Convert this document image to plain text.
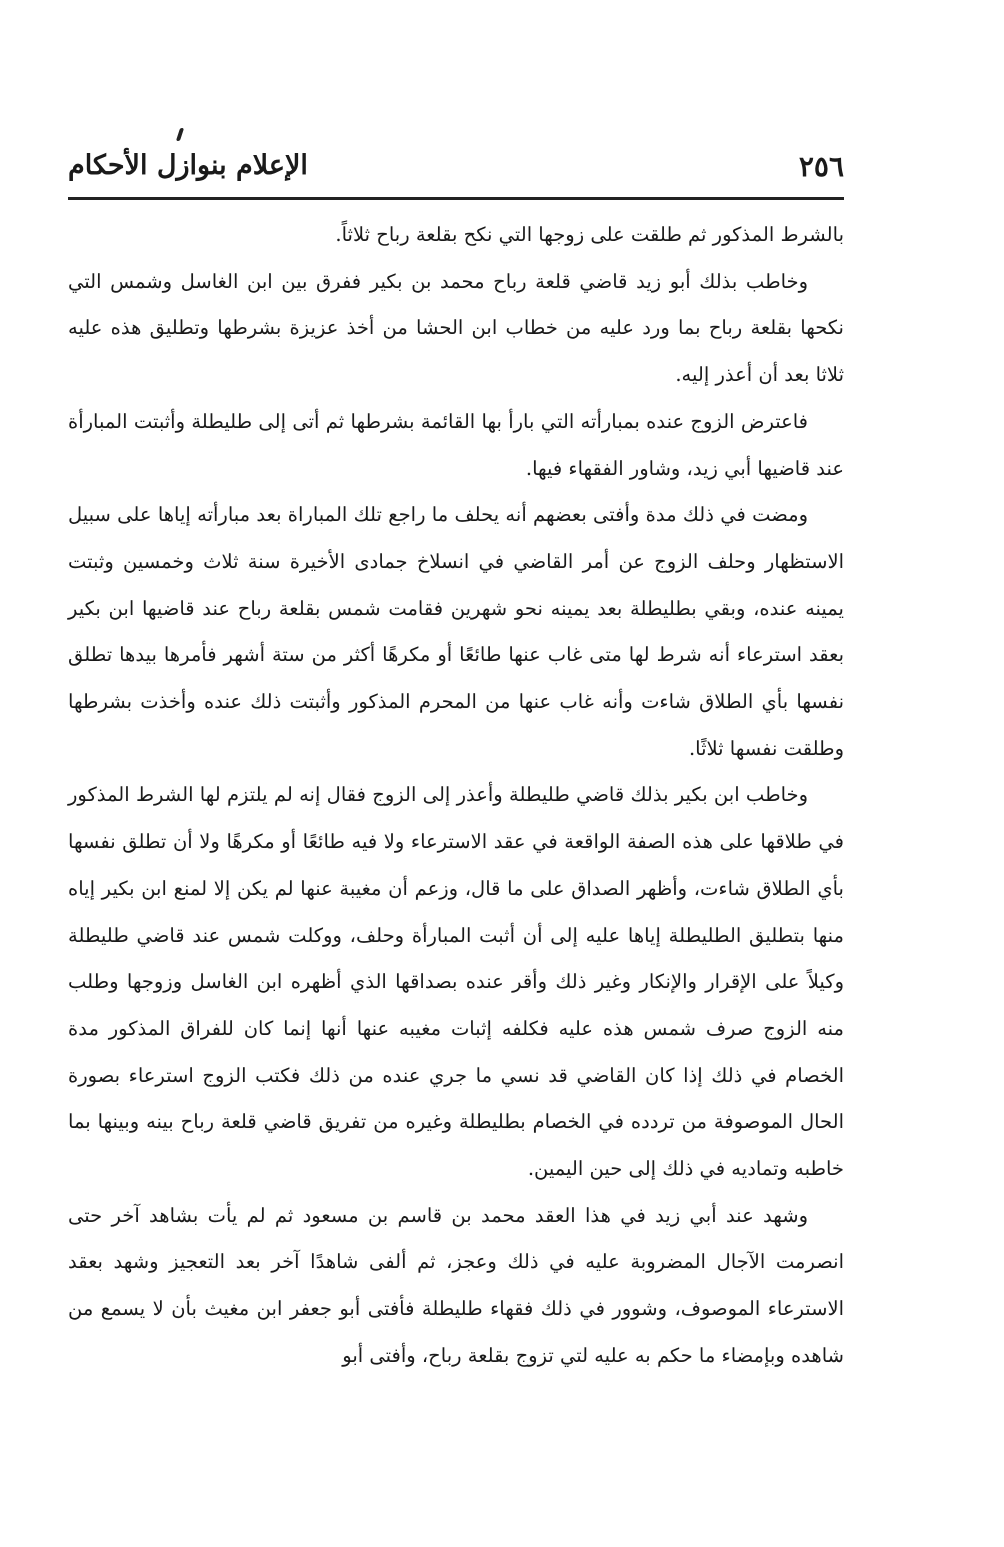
الإعلام بنوازل الأحكام	٢٥٦

بالشرط المذكور ثم طلقت على زوجها التي نكح بقلعة رباح ثلاثاً.

وخاطب بذلك أبو زيد قاضي قلعة رباح محمد بن بكير ففرق بين ابن الغاسل وشمس التي نكحها بقلعة رباح بما ورد عليه من خطاب ابن الحشا من أخذ عزيزة بشرطها وتطليق هذه عليه ثلاثا بعد أن أعذر إليه.

فاعترض الزوج عنده بمبارأته التي بارأ بها القائمة بشرطها ثم أتى إلى طليطلة وأثبتت المبارأة عند قاضيها أبي زيد، وشاور الفقهاء فيها.

ومضت في ذلك مدة وأفتى بعضهم أنه يحلف ما راجع تلك المباراة بعد مبارأته إياها على سبيل الاستظهار وحلف الزوج عن أمر القاضي في انسلاخ جمادى الأخيرة سنة ثلاث وخمسين وثبتت يمينه عنده، وبقي بطليطلة بعد يمينه نحو شهرين فقامت شمس بقلعة رباح عند قاضيها ابن بكير بعقد استرعاء أنه شرط لها متى غاب عنها طائعًا أو مكرهًا أكثر من ستة أشهر فأمرها بيدها تطلق نفسها بأي الطلاق شاءت وأنه غاب عنها من المحرم المذكور وأثبتت ذلك عنده وأخذت بشرطها وطلقت نفسها ثلاثًا.

وخاطب ابن بكير بذلك قاضي طليطلة وأعذر إلى الزوج فقال إنه لم يلتزم لها الشرط المذكور في طلاقها على هذه الصفة الواقعة في عقد الاسترعاء ولا فيه طائعًا أو مكرهًا ولا أن تطلق نفسها بأي الطلاق شاءت، وأظهر الصداق على ما قال، وزعم أن مغيبة عنها لم يكن إلا لمنع ابن بكير إياه منها بتطليق الطليطلة إياها عليه إلى أن أثبت المبارأة وحلف، ووكلت شمس عند قاضي طليطلة وكيلاً على الإقرار والإنكار وغير ذلك وأقر عنده بصداقها الذي أظهره ابن الغاسل وزوجها وطلب منه الزوج صرف شمس هذه عليه فكلفه إثبات مغيبه عنها أنها إنما كان للفراق المذكور مدة الخصام في ذلك إذا كان القاضي قد نسي ما جري عنده من ذلك فكتب الزوج استرعاء بصورة الحال الموصوفة من تردده في الخصام بطليطلة وغيره من تفريق قاضي قلعة رباح بينه وبينها بما خاطبه وتماديه في ذلك إلى حين اليمين.

وشهد عند أبي زيد في هذا العقد محمد بن قاسم بن مسعود ثم لم يأت بشاهد آخر حتى انصرمت الآجال المضروبة عليه في ذلك وعجز، ثم ألفى شاهدًا آخر بعد التعجيز وشهد بعقد الاسترعاء الموصوف، وشوور في ذلك فقهاء طليطلة فأفتى أبو جعفر ابن مغيث بأن لا يسمع من شاهده وبإمضاء ما حكم به عليه لتي تزوج بقلعة رباح، وأفتى أبو
